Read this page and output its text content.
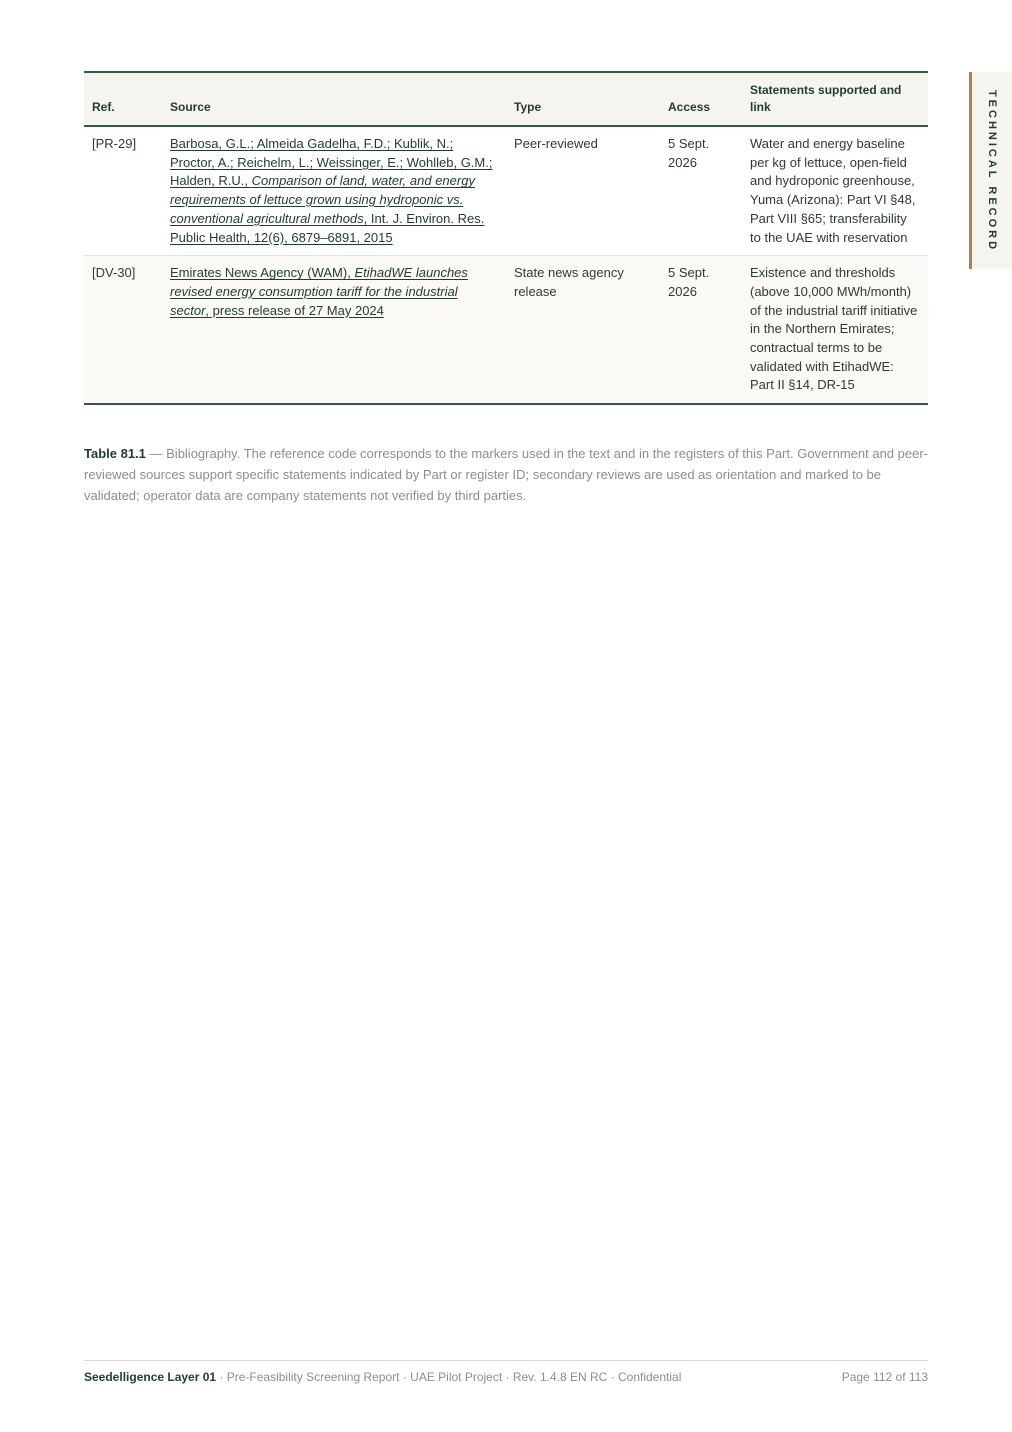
TECHNICAL RECORD
Ref.	Source	Type	Access	Statements supported and link
[PR-29]	Barbosa, G.L.; Almeida Gadelha, F.D.; Kublik, N.; Proctor, A.; Reichelm, L.; Weissinger, E.; Wohlleb, G.M.; Halden, R.U., Comparison of land, water, and energy requirements of lettuce grown using hydroponic vs. conventional agricultural methods, Int. J. Environ. Res. Public Health, 12(6), 6879–6891, 2015	Peer-reviewed	5 Sept. 2026	Water and energy baseline per kg of lettuce, open-field and hydroponic greenhouse, Yuma (Arizona): Part VI §48, Part VIII §65; transferability to the UAE with reservation
[DV-30]	Emirates News Agency (WAM), EtihadWE launches revised energy consumption tariff for the industrial sector, press release of 27 May 2024	State news agency release	5 Sept. 2026	Existence and thresholds (above 10,000 MWh/month) of the industrial tariff initiative in the Northern Emirates; contractual terms to be validated with EtihadWE: Part II §14, DR-15
Table 81.1 — Bibliography. The reference code corresponds to the markers used in the text and in the registers of this Part. Government and peer-reviewed sources support specific statements indicated by Part or register ID; secondary reviews are used as orientation and marked to be validated; operator data are company statements not verified by third parties.
Seedelligence Layer 01 · Pre-Feasibility Screening Report · UAE Pilot Project · Rev. 1.4.8 EN RC · Confidential	Page 112 of 113
